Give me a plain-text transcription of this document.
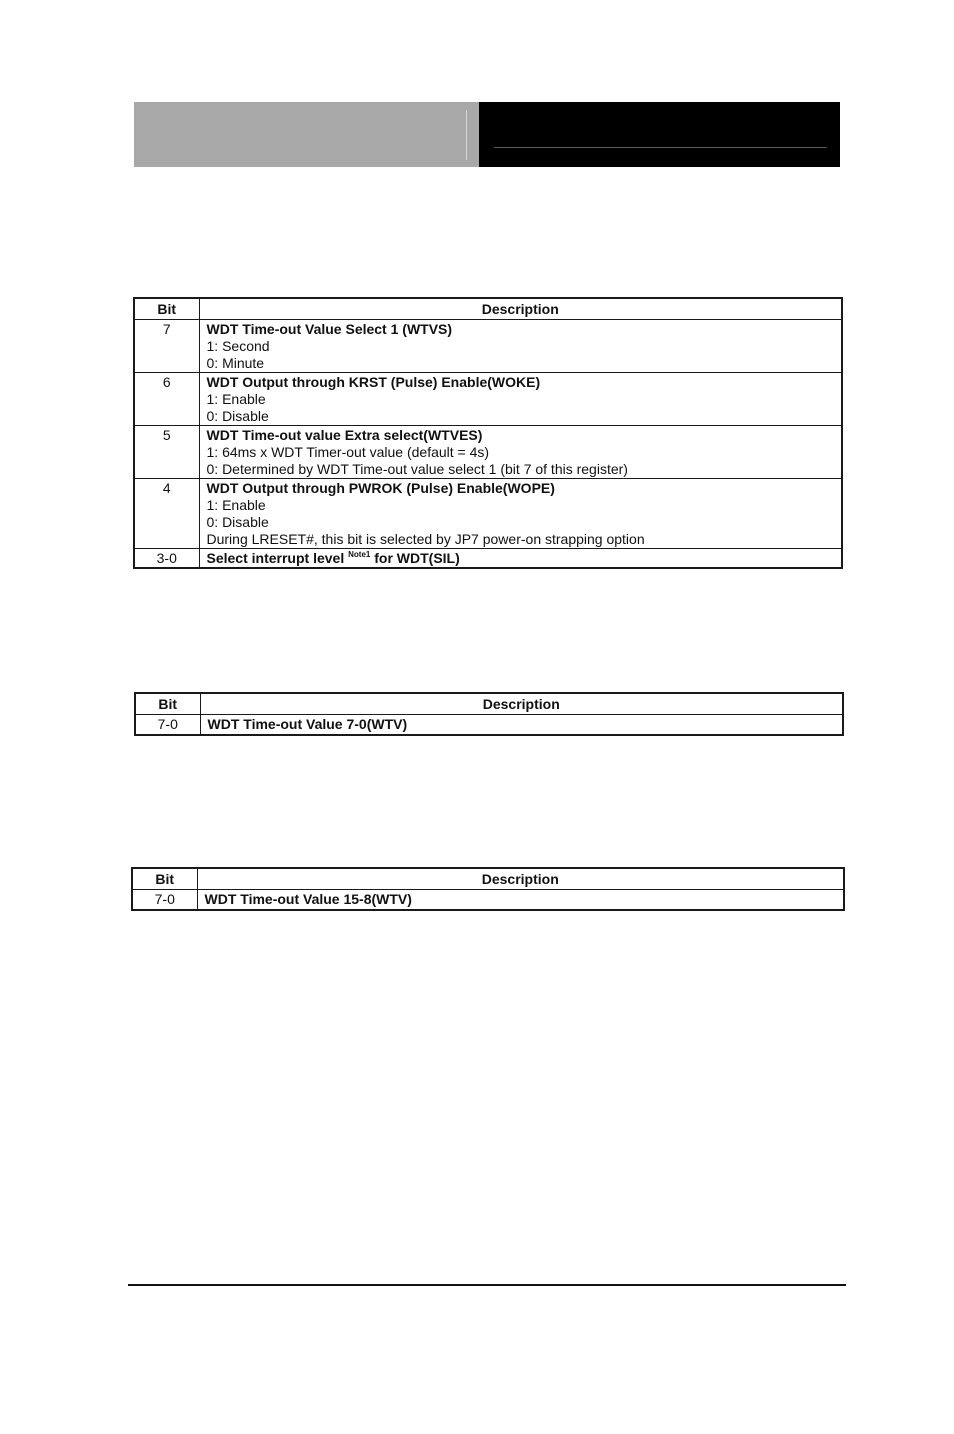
Bit	Description
7	WDT Time-out Value Select 1 (WTVS)
1: Second
0: Minute

6	WDT Output through KRST (Pulse) Enable(WOKE)
1: Enable
0: Disable

5	WDT Time-out value Extra select(WTVES)
1: 64ms x WDT Timer-out value (default = 4s)
0: Determined by WDT Time-out value select 1 (bit 7 of this register)

4	WDT Output through PWROK (Pulse) Enable(WOPE)
1: Enable
0: Disable
During LRESET#, this bit is selected by JP7 power-on strapping option

3-0	Select interrupt level $^{Note1}$ for WDT(SIL)
Bit	Description
7-0	WDT Time-out Value 7-0(WTV)
Bit	Description
7-0	WDT Time-out Value 15-8(WTV)
